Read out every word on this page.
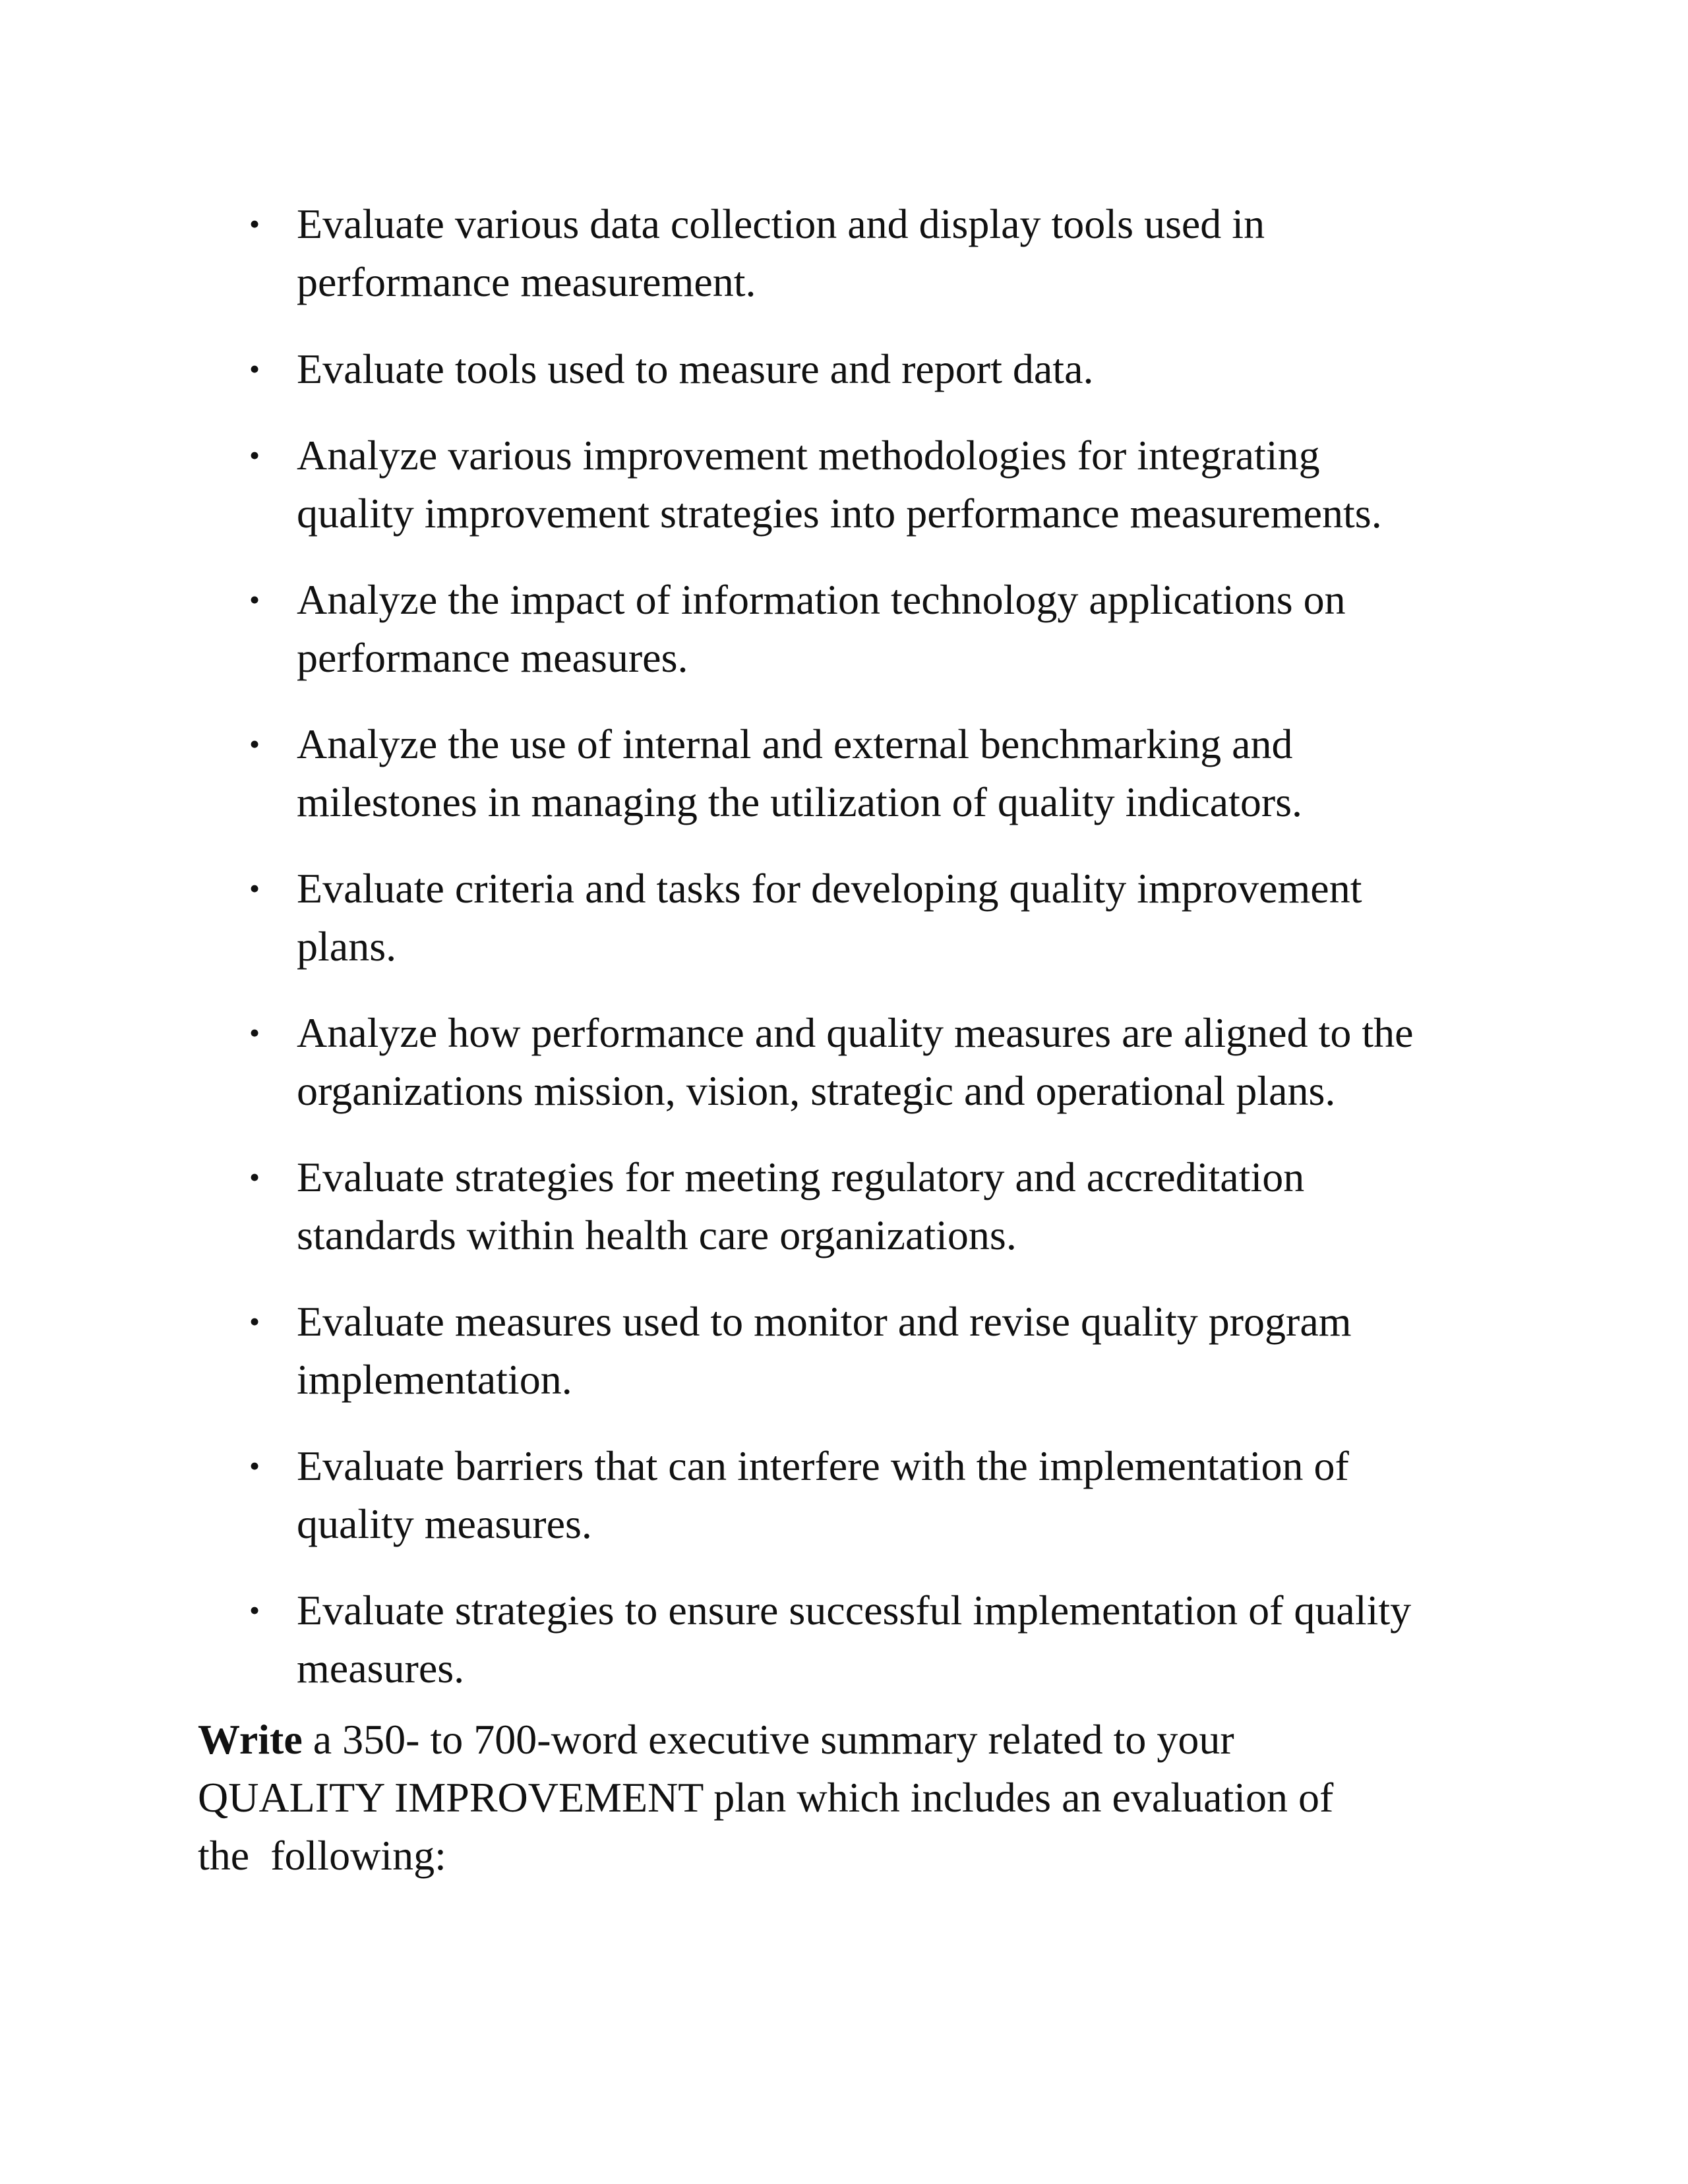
• Evaluate various data collection and display tools used in
performance measurement.
• Evaluate tools used to measure and report data.
• Analyze various improvement methodologies for integrating
quality improvement strategies into performance measurements.
• Analyze the impact of information technology applications on
performance measures.
• Analyze the use of internal and external benchmarking and
milestones in managing the utilization of quality indicators.
• Evaluate criteria and tasks for developing quality improvement
plans.
• Analyze how performance and quality measures are aligned to the
organizations mission, vision, strategic and operational plans.
• Evaluate strategies for meeting regulatory and accreditation
standards within health care organizations.
• Evaluate measures used to monitor and revise quality program
implementation.
• Evaluate barriers that can interfere with the implementation of
quality measures.
• Evaluate strategies to ensure successful implementation of quality
measures.
Write a 350- to 700-word executive summary related to your
QUALITY IMPROVEMENT plan which includes an evaluation of
the  following:
